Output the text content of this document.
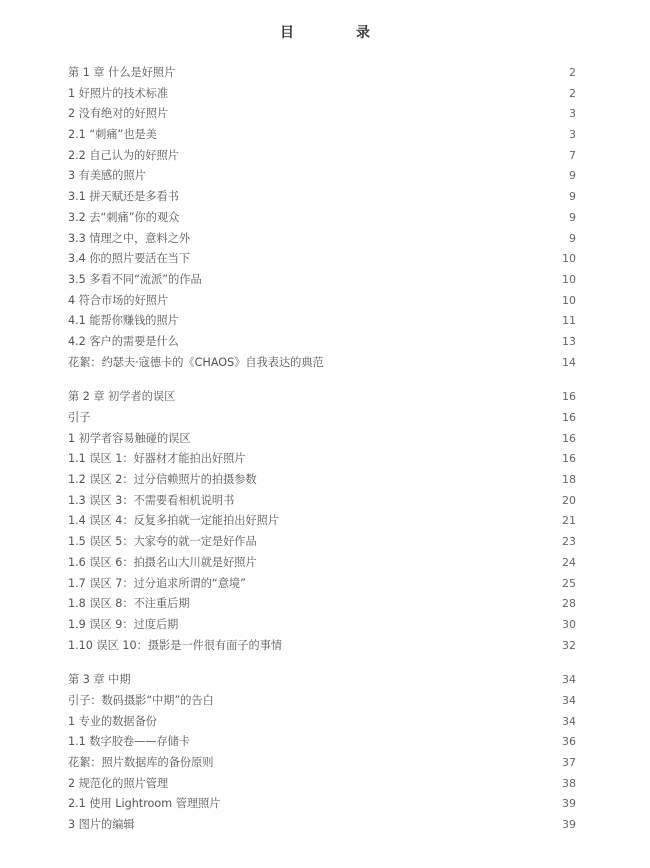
目　录
第 1 章 什么是好照片	2
1 好照片的技术标准	2
2 没有绝对的好照片	3
2.1 “刺痛”也是美	3
2.2 自己认为的好照片	7
3 有美感的照片	9
3.1 拼天赋还是多看书	9
3.2 去“刺痛”你的观众	9
3.3 情理之中，意料之外	9
3.4 你的照片要活在当下	10
3.5 多看不同“流派”的作品	10
4 符合市场的好照片	10
4.1 能帮你赚钱的照片	11
4.2 客户的需要是什么	13
花絮：约瑟夫·寇德卡的《CHAOS》自我表达的典范	14
第 2 章 初学者的误区	16
引子	16
1 初学者容易触碰的误区	16
1.1 误区 1：好器材才能拍出好照片	16
1.2 误区 2：过分信赖照片的拍摄参数	18
1.3 误区 3：不需要看相机说明书	20
1.4 误区 4：反复多拍就一定能拍出好照片	21
1.5 误区 5：大家夸的就一定是好作品	23
1.6 误区 6：拍摄名山大川就是好照片	24
1.7 误区 7：过分追求所谓的“意境”	25
1.8 误区 8：不注重后期	28
1.9 误区 9：过度后期	30
1.10 误区 10：摄影是一件很有面子的事情	32
第 3 章 中期	34
引子：数码摄影“中期”的告白	34
1 专业的数据备份	34
1.1 数字胶卷——存储卡	36
花絮：照片数据库的备份原则	37
2 规范化的照片管理	38
2.1 使用 Lightroom 管理照片	39
3 图片的编辑	39
